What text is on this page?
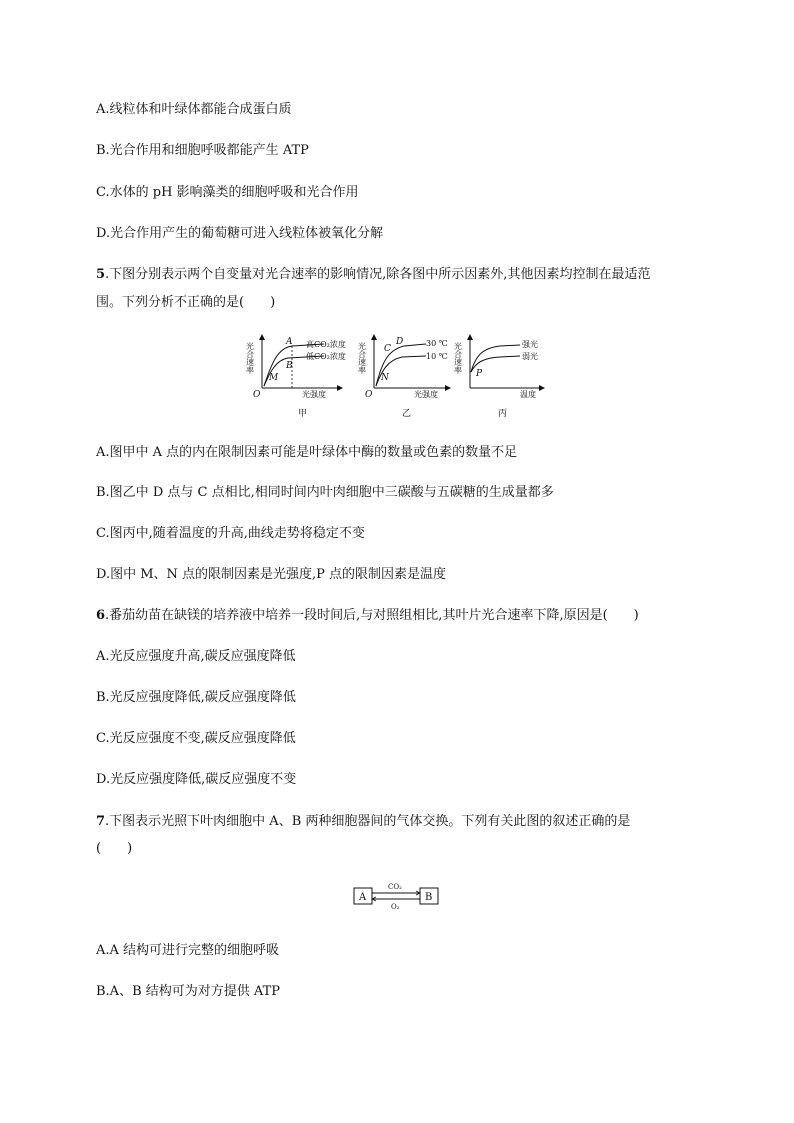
A.线粒体和叶绿体都能合成蛋白质
B.光合作用和细胞呼吸都能产生 ATP
C.水体的 pH 影响藻类的细胞呼吸和光合作用
D.光合作用产生的葡萄糖可进入线粒体被氧化分解
5.下图分别表示两个自变量对光合速率的影响情况,除各图中所示因素外,其他因素均控制在最适范
围。下列分析不正确的是(　　)
光合速率
O	光强度
高CO₂浓度
低CO₂浓度
A
B
M
甲
光合速率
O	光强度
30 ℃
10 ℃
D
C
N
乙
光合速率
温度
强光
弱光
P
丙
A.图甲中 A 点的内在限制因素可能是叶绿体中酶的数量或色素的数量不足
B.图乙中 D 点与 C 点相比,相同时间内叶肉细胞中三碳酸与五碳糖的生成量都多
C.图丙中,随着温度的升高,曲线走势将稳定不变
D.图中 M、N 点的限制因素是光强度,P 点的限制因素是温度
6.番茄幼苗在缺镁的培养液中培养一段时间后,与对照组相比,其叶片光合速率下降,原因是(　　)
A.光反应强度升高,碳反应强度降低
B.光反应强度降低,碳反应强度降低
C.光反应强度不变,碳反应强度降低
D.光反应强度降低,碳反应强度不变
7.下图表示光照下叶肉细胞中 A、B 两种细胞器间的气体交换。下列有关此图的叙述正确的是
(　　)
A	B
CO₂
O₂
A.A 结构可进行完整的细胞呼吸
B.A、B 结构可为对方提供 ATP
